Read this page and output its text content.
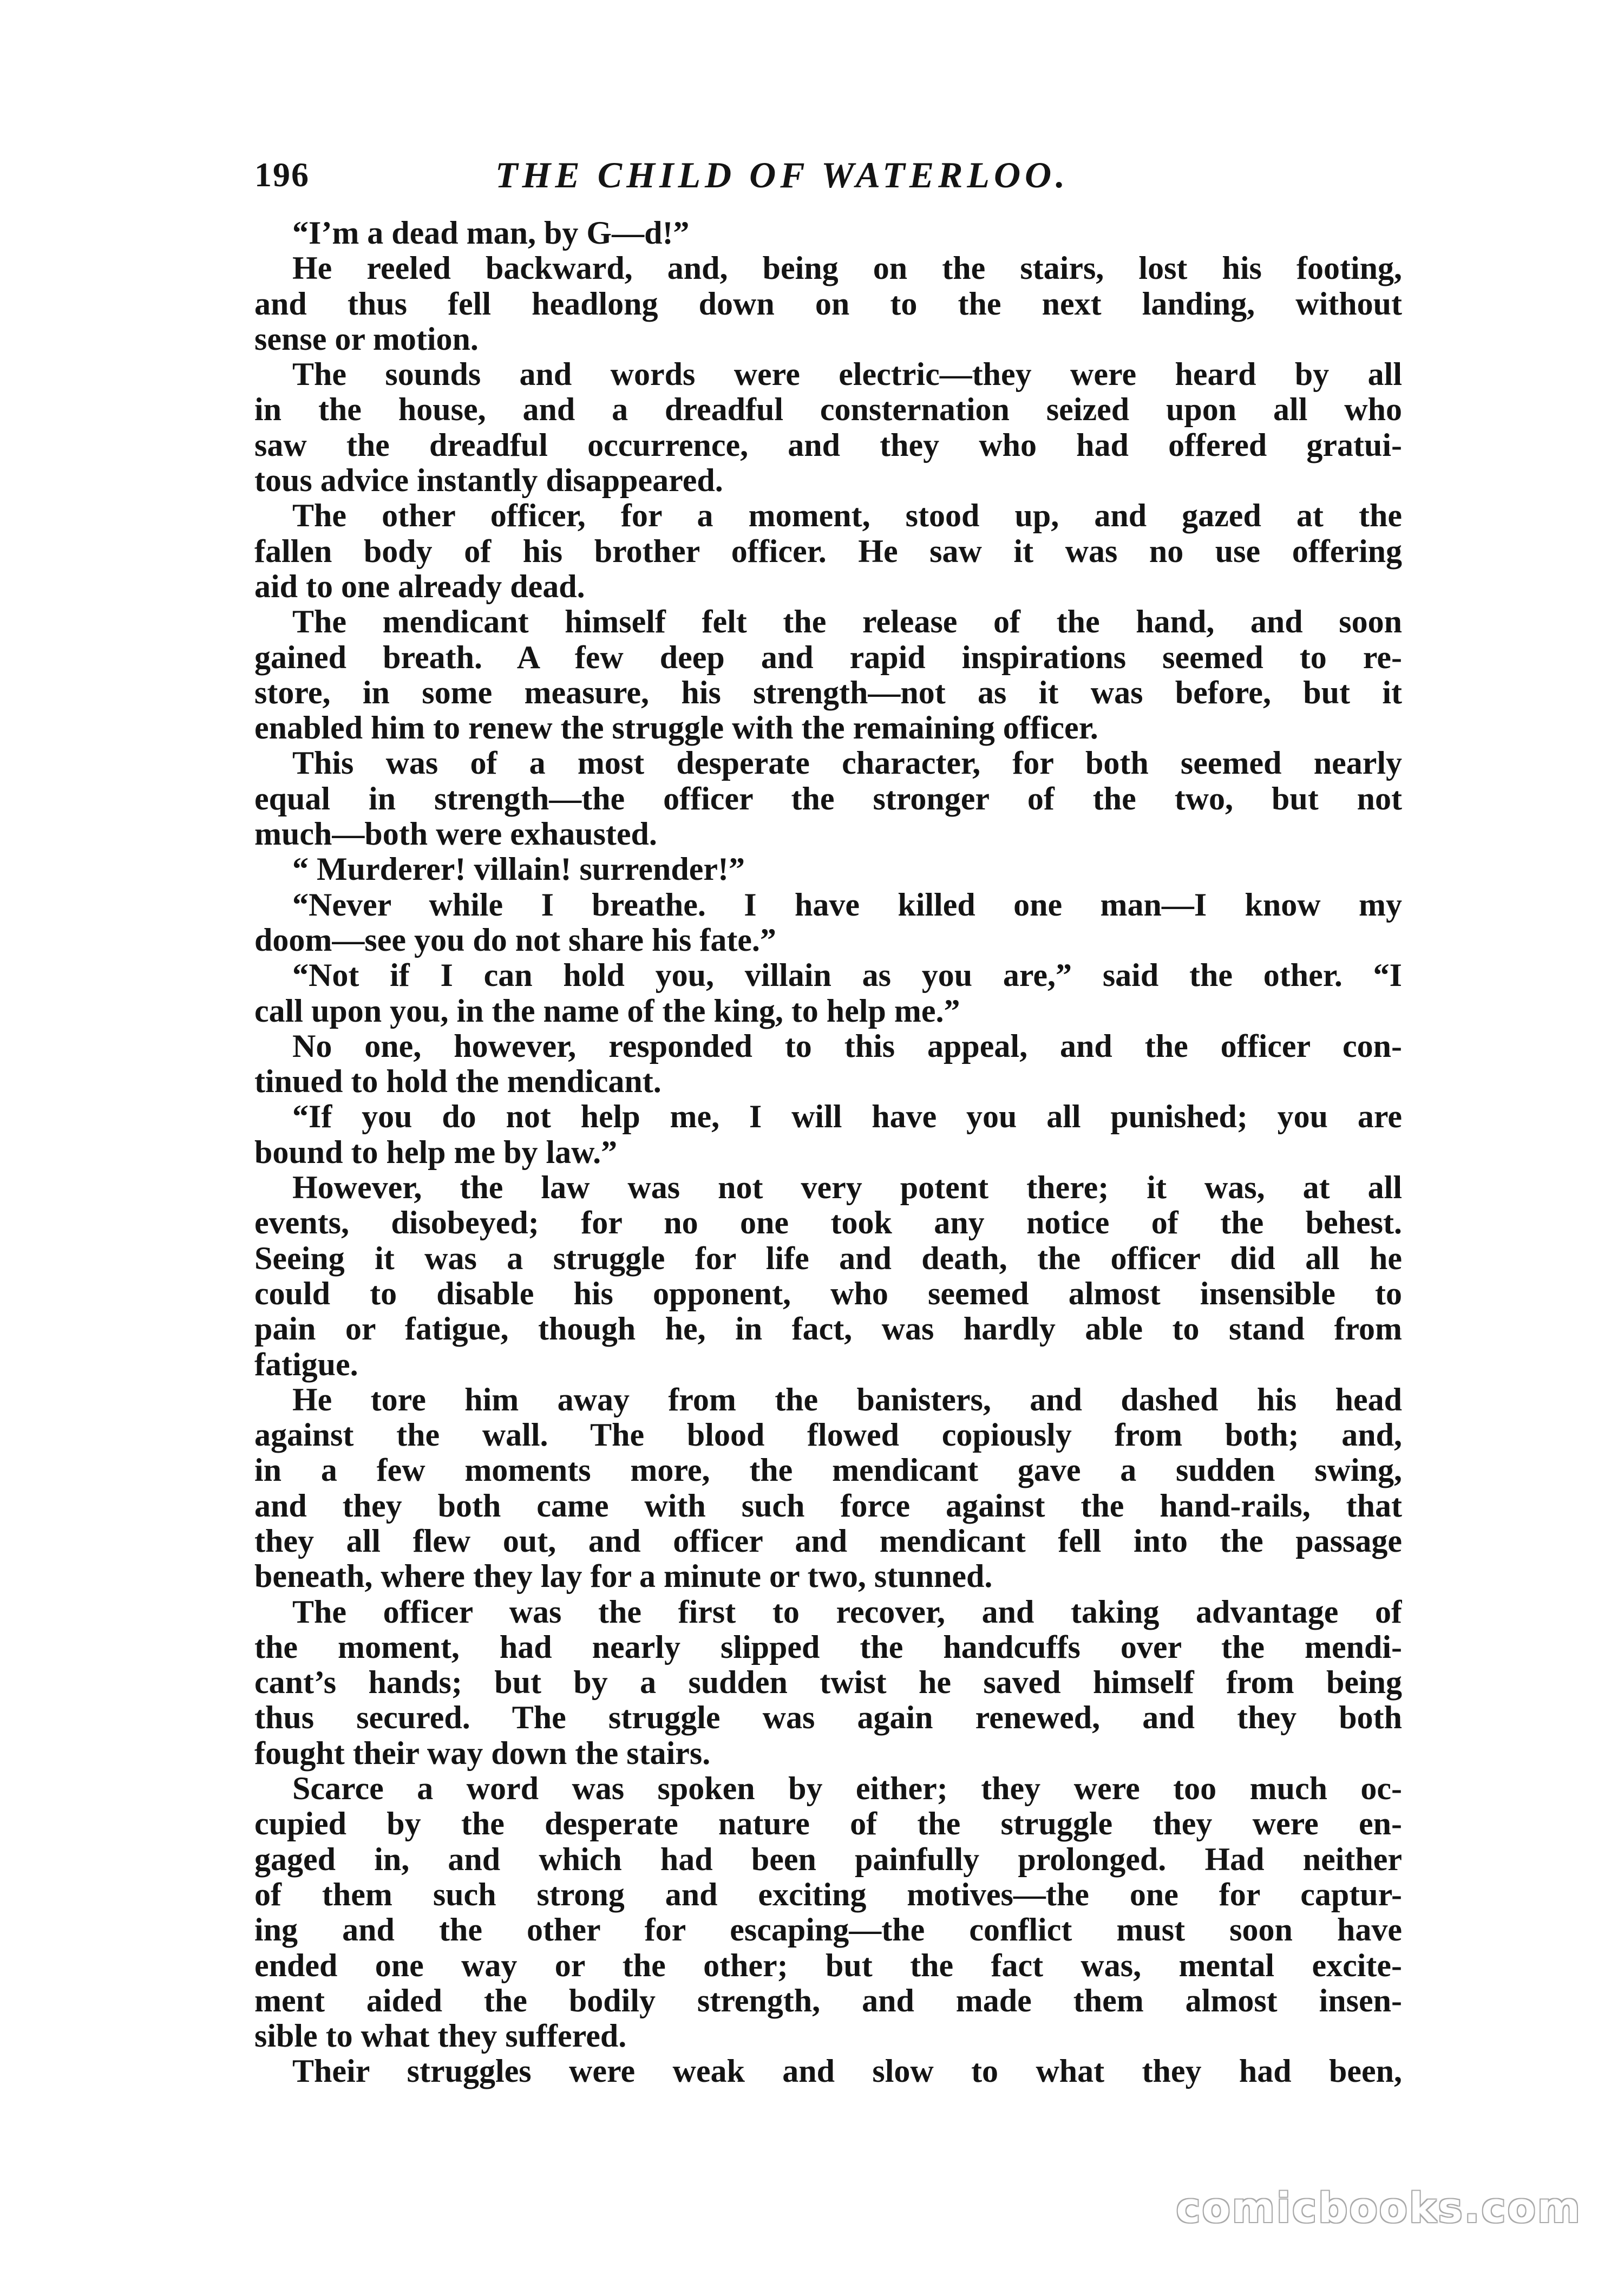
196	THE CHILD OF WATERLOO.
“I’m a dead man, by G—d!”
He reeled backward, and, being on the stairs, lost his footing,
and thus fell headlong down on to the next landing, without
sense or motion.
The sounds and words were electric—they were heard by all
in the house, and a dreadful consternation seized upon all who
saw the dreadful occurrence, and they who had offered gratui-
tous advice instantly disappeared.
The other officer, for a moment, stood up, and gazed at the
fallen body of his brother officer. He saw it was no use offering
aid to one already dead.
The mendicant himself felt the release of the hand, and soon
gained breath. A few deep and rapid inspirations seemed to re-
store, in some measure, his strength—not as it was before, but it
enabled him to renew the struggle with the remaining officer.
This was of a most desperate character, for both seemed nearly
equal in strength—the officer the stronger of the two, but not
much—both were exhausted.
“ Murderer! villain! surrender!”
“Never while I breathe. I have killed one man—I know my
doom—see you do not share his fate.”
“Not if I can hold you, villain as you are,” said the other. “I
call upon you, in the name of the king, to help me.”
No one, however, responded to this appeal, and the officer con-
tinued to hold the mendicant.
“If you do not help me, I will have you all punished; you are
bound to help me by law.”
However, the law was not very potent there; it was, at all
events, disobeyed; for no one took any notice of the behest.
Seeing it was a struggle for life and death, the officer did all he
could to disable his opponent, who seemed almost insensible to
pain or fatigue, though he, in fact, was hardly able to stand from
fatigue.
He tore him away from the banisters, and dashed his head
against the wall. The blood flowed copiously from both; and,
in a few moments more, the mendicant gave a sudden swing,
and they both came with such force against the hand-rails, that
they all flew out, and officer and mendicant fell into the passage
beneath, where they lay for a minute or two, stunned.
The officer was the first to recover, and taking advantage of
the moment, had nearly slipped the handcuffs over the mendi-
cant’s hands; but by a sudden twist he saved himself from being
thus secured. The struggle was again renewed, and they both
fought their way down the stairs.
Scarce a word was spoken by either; they were too much oc-
cupied by the desperate nature of the struggle they were en-
gaged in, and which had been painfully prolonged. Had neither
of them such strong and exciting motives—the one for captur-
ing and the other for escaping—the conflict must soon have
ended one way or the other; but the fact was, mental excite-
ment aided the bodily strength, and made them almost insen-
sible to what they suffered.
Their struggles were weak and slow to what they had been,
comicbooks.com
